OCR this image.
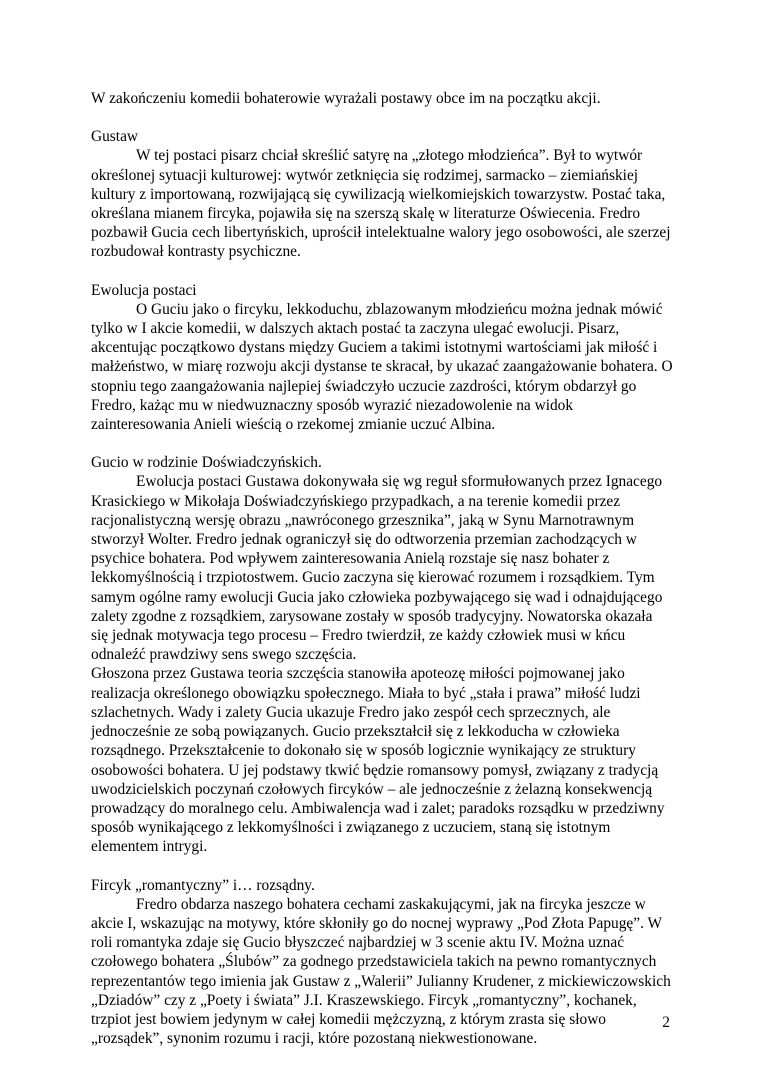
W zakończeniu komedii bohaterowie wyrażali postawy obce im na początku akcji.

Gustaw

W tej postaci pisarz chciał skreślić satyrę na „złotego młodzieńca”. Był to wytwór określonej sytuacji kulturowej: wytwór zetknięcia się rodzimej, sarmacko – ziemiańskiej kultury z importowaną, rozwijającą się cywilizacją wielkomiejskich towarzystw. Postać taka, określana mianem fircyka, pojawiła się na szerszą skalę w literaturze Oświecenia. Fredro pozbawił Gucia cech libertyńskich, uprościł intelektualne walory jego osobowości, ale szerzej rozbudował kontrasty psychiczne.

Ewolucja postaci

O Guciu jako o fircyku, lekkoduchu, zblazowanym młodzieńcu można jednak mówić tylko w I akcie komedii, w dalszych aktach postać ta zaczyna ulegać ewolucji. Pisarz, akcentując początkowo dystans między Guciem a takimi istotnymi wartościami jak miłość i małżeństwo, w miarę rozwoju akcji dystanse te skracał, by ukazać zaangażowanie bohatera. O stopniu tego zaangażowania najlepiej świadczyło uczucie zazdrości, którym obdarzył go Fredro, każąc mu w niedwuznaczny sposób wyrazić niezadowolenie na widok zainteresowania Anieli wieścią o rzekomej zmianie uczuć Albina.

Gucio w rodzinie Doświadczyńskich.

Ewolucja postaci Gustawa dokonywała się wg reguł sformułowanych przez Ignacego Krasickiego w Mikołaja Doświadczyńskiego przypadkach, a na terenie komedii przez racjonalistyczną wersję obrazu „nawróconego grzesznika”, jaką w Synu Marnotrawnym stworzył Wolter. Fredro jednak ograniczył się do odtworzenia przemian zachodzących w psychice bohatera. Pod wpływem zainteresowania Anielą rozstaje się nasz bohater z lekkomyślnością i trzpiotostwem. Gucio zaczyna się kierować rozumem i rozsądkiem. Tym samym ogólne ramy ewolucji Gucia jako człowieka pozbywającego się wad i odnajdującego zalety zgodne z rozsądkiem, zarysowane zostały w sposób tradycyjny. Nowatorska okazała się jednak motywacja tego procesu – Fredro twierdził, ze każdy człowiek musi w kńcu odnaleźć prawdziwy sens swego szczęścia.

Głoszona przez Gustawa teoria szczęścia stanowiła apoteozę miłości pojmowanej jako realizacja określonego obowiązku społecznego. Miała to być „stała i prawa” miłość ludzi szlachetnych. Wady i zalety Gucia ukazuje Fredro jako zespół cech sprzecznych, ale jednocześnie ze sobą powiązanych. Gucio przekształcił się z lekkoducha w człowieka rozsądnego. Przekształcenie to dokonało się w sposób logicznie wynikający ze struktury osobowości bohatera. U jej podstawy tkwić będzie romansowy pomysł, związany z tradycją uwodzicielskich poczynań czołowych fircyków – ale jednocześnie z żelazną konsekwencją prowadzący do moralnego celu. Ambiwalencja wad i zalet; paradoks rozsądku w przedziwny sposób wynikającego z lekkomyślności i związanego z uczuciem, staną się istotnym elementem intrygi.

Fircyk „romantyczny” i… rozsądny.

Fredro obdarza naszego bohatera cechami zaskakującymi, jak na fircyka jeszcze w akcie I, wskazując na motywy, które skłoniły go do nocnej wyprawy „Pod Złota Papugę”. W roli romantyka zdaje się Gucio błyszczeć najbardziej w 3 scenie aktu IV. Można uznać czołowego bohatera „Ślubów” za godnego przedstawiciela takich na pewno romantycznych reprezentantów tego imienia jak Gustaw z „Walerii” Julianny Krudener, z mickiewiczowskich „Dziadów” czy z „Poety i świata” J.I. Kraszewskiego. Fircyk „romantyczny”, kochanek, trzpiot jest bowiem jedynym w całej komedii mężczyzną, z którym zrasta się słowo „rozsądek”, synonim rozumu i racji, które pozostaną niekwestionowane.

2
